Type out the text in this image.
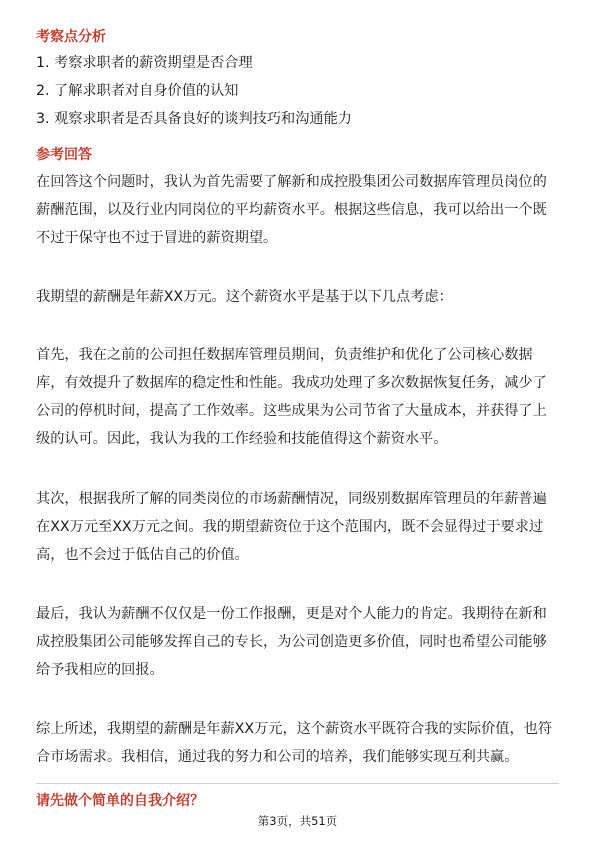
考察点分析
1. 考察求职者的薪资期望是否合理
2. 了解求职者对自身价值的认知
3. 观察求职者是否具备良好的谈判技巧和沟通能力
参考回答
在回答这个问题时，我认为首先需要了解新和成控股集团公司数据库管理员岗位的
薪酬范围，以及行业内同岗位的平均薪资水平。根据这些信息，我可以给出一个既
不过于保守也不过于冒进的薪资期望。
我期望的薪酬是年薪XX万元。这个薪资水平是基于以下几点考虑：
首先，我在之前的公司担任数据库管理员期间，负责维护和优化了公司核心数据
库，有效提升了数据库的稳定性和性能。我成功处理了多次数据恢复任务，减少了
公司的停机时间，提高了工作效率。这些成果为公司节省了大量成本，并获得了上
级的认可。因此，我认为我的工作经验和技能值得这个薪资水平。
其次，根据我所了解的同类岗位的市场薪酬情况，同级别数据库管理员的年薪普遍
在XX万元至XX万元之间。我的期望薪资位于这个范围内，既不会显得过于要求过
高，也不会过于低估自己的价值。
最后，我认为薪酬不仅仅是一份工作报酬，更是对个人能力的肯定。我期待在新和
成控股集团公司能够发挥自己的专长，为公司创造更多价值，同时也希望公司能够
给予我相应的回报。
综上所述，我期望的薪酬是年薪XX万元，这个薪资水平既符合我的实际价值，也符
合市场需求。我相信，通过我的努力和公司的培养，我们能够实现互利共赢。
请先做个简单的自我介绍？
第3页，共51页
